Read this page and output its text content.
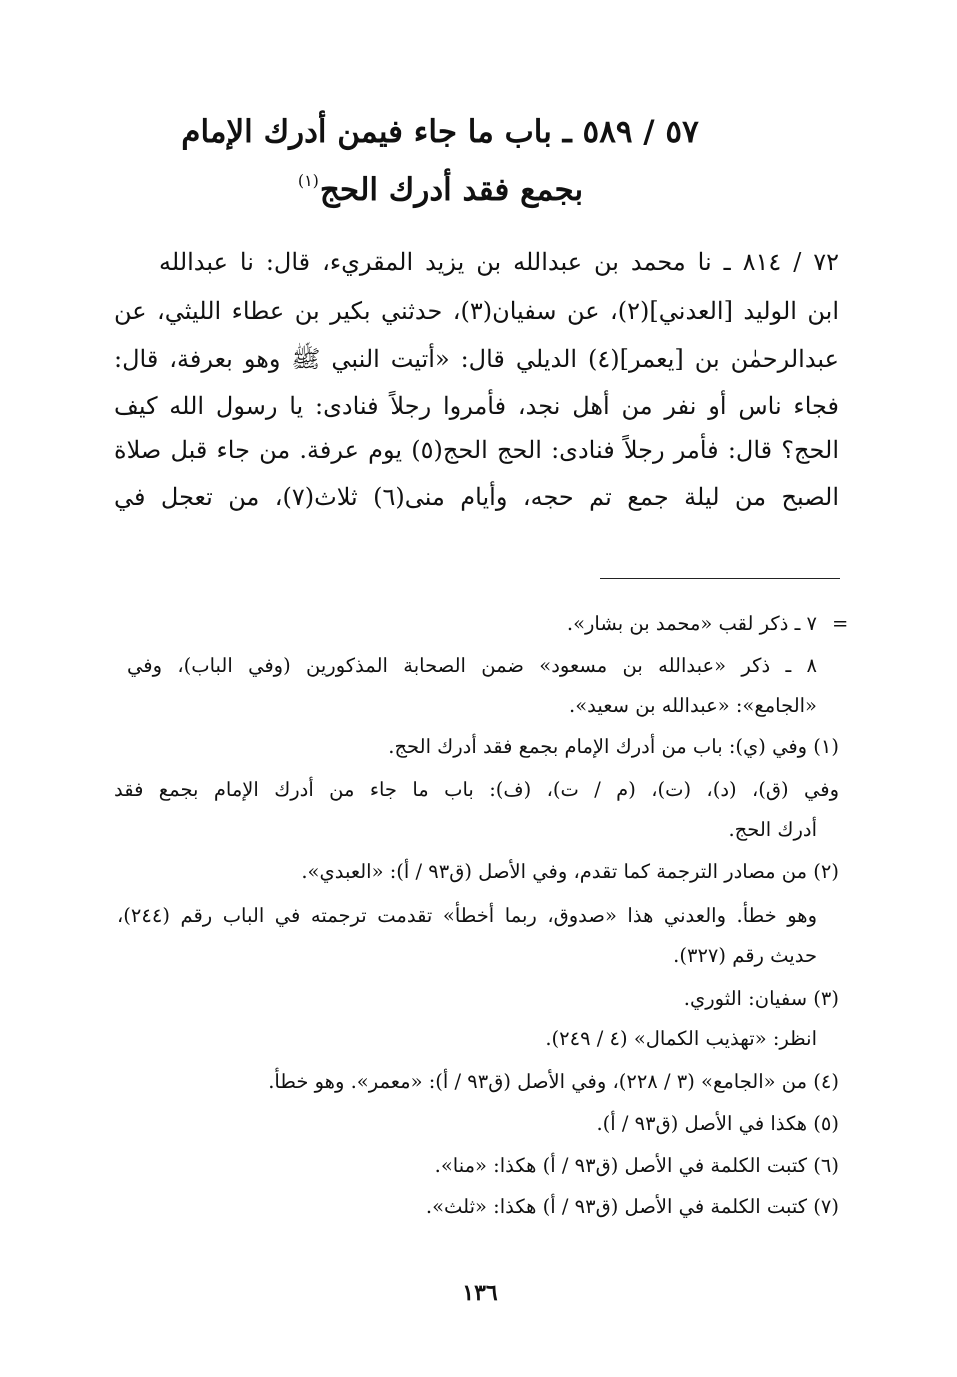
٥٧ / ٥٨٩ ـ باب ما جاء فيمن أدرك الإمام
بجمع فقد أدرك الحج$^{(١)}$
٧٢ / ٨١٤ ـ نا محمد بن عبدالله بن يزيد المقريء، قال: نا عبدالله
ابن الوليد [العدني](٢)، عن سفيان(٣)، حدثني بكير بن عطاء الليثي، عن
عبدالرحمٰن بن [يعمر](٤) الديلي قال: «أتيت النبي ﷺ وهو بعرفة، قال:
فجاء ناس أو نفر من أهل نجد، فأمروا رجلاً فنادى: يا رسول الله كيف
الحج؟ قال: فأمر رجلاً فنادى: الحج الحج(٥) يوم عرفة. من جاء قبل صلاة
الصبح من ليلة جمع تم حجه، وأيام منى(٦) ثلاث(٧)، من تعجل في
=
٧ ـ ذكر لقب «محمد بن بشار».
٨ ـ ذكر «عبدالله بن مسعود» ضمن الصحابة المذكورين (وفي الباب)، وفي
«الجامع»: «عبدالله بن سعيد».
(١) وفي (ي): باب من أدرك الإمام بجمع فقد أدرك الحج.
وفي (ق)، (د)، (ت)، (م / ت)، (ف): باب ما جاء من أدرك الإمام بجمع فقد
أدرك الحج.
(٢) من مصادر الترجمة كما تقدم، وفي الأصل (ق٩٣ / أ): «العبدي».
وهو خطأ. والعدني هذا «صدوق، ربما أخطأ» تقدمت ترجمته في الباب رقم (٢٤٤)،
حديث رقم (٣٢٧).
(٣) سفيان: الثوري.
انظر: «تهذيب الكمال» (٤ / ٢٤٩).
(٤) من «الجامع» (٣ / ٢٢٨)، وفي الأصل (ق٩٣ / أ): «معمر». وهو خطأ.
(٥) هكذا في الأصل (ق٩٣ / أ).
(٦) كتبت الكلمة في الأصل (ق٩٣ / أ) هكذا: «منا».
(٧) كتبت الكلمة في الأصل (ق٩٣ / أ) هكذا: «ثلث».
١٣٦
